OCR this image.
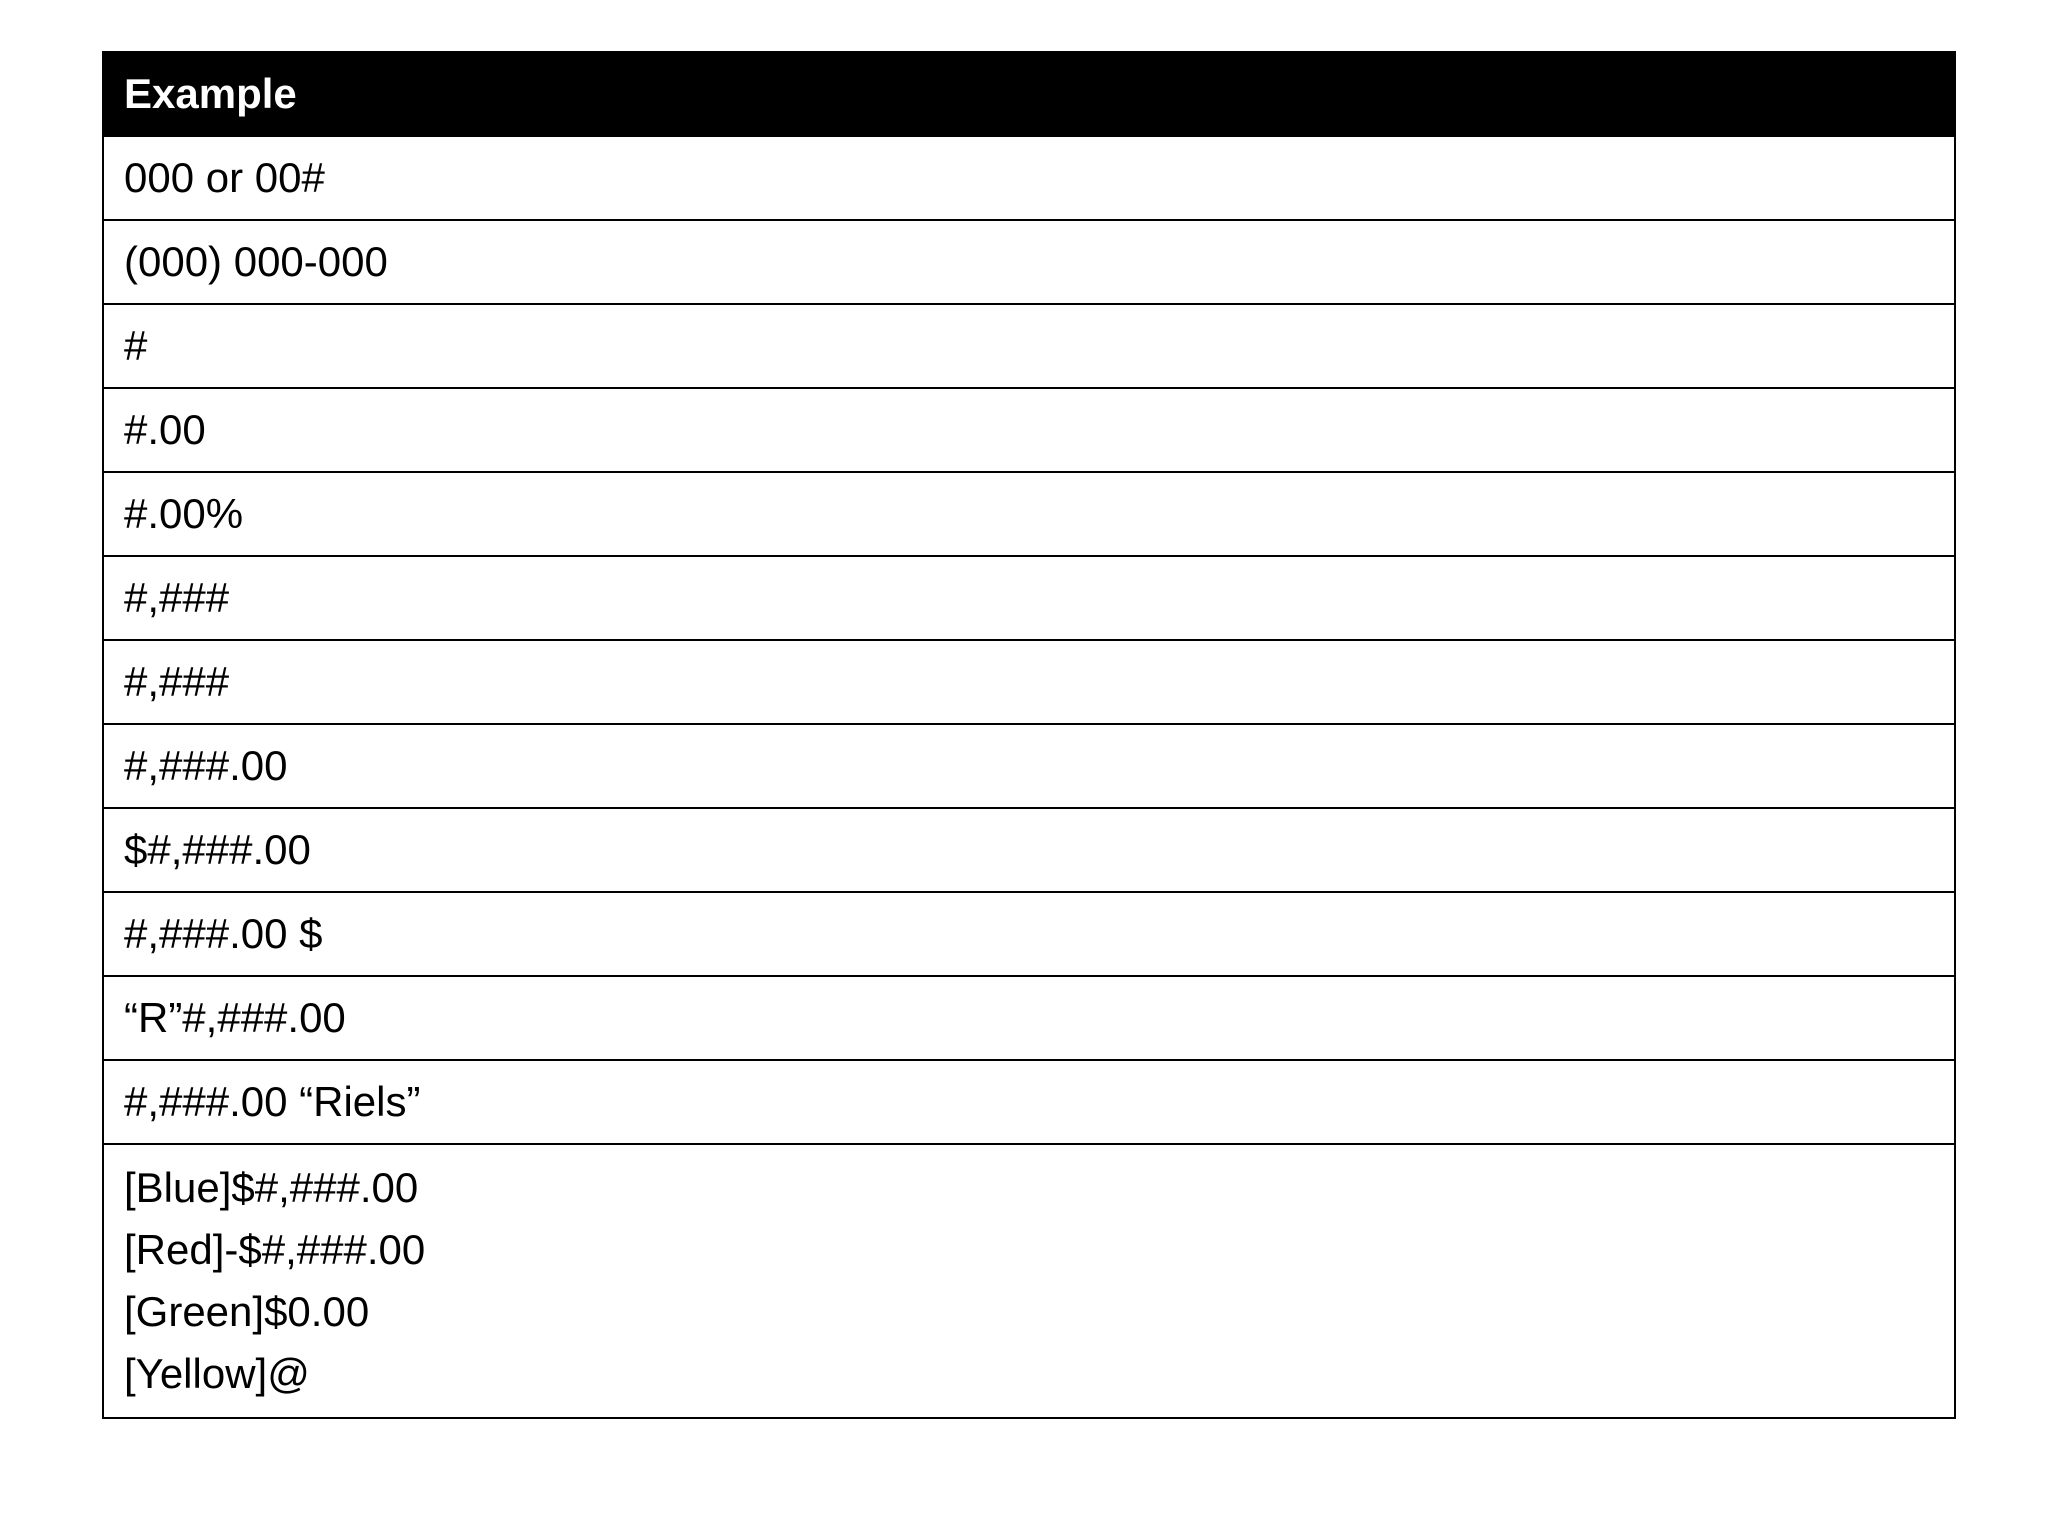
Example
000 or 00#
(000) 000-000
#
#.00
#.00%
#,###
#,###
#,###.00
$#,###.00
#,###.00 $
“R”#,###.00
#,###.00 “Riels”

[Blue]$#,###.00
[Red]-$#,###.00
[Green]$0.00
[Yellow]@
